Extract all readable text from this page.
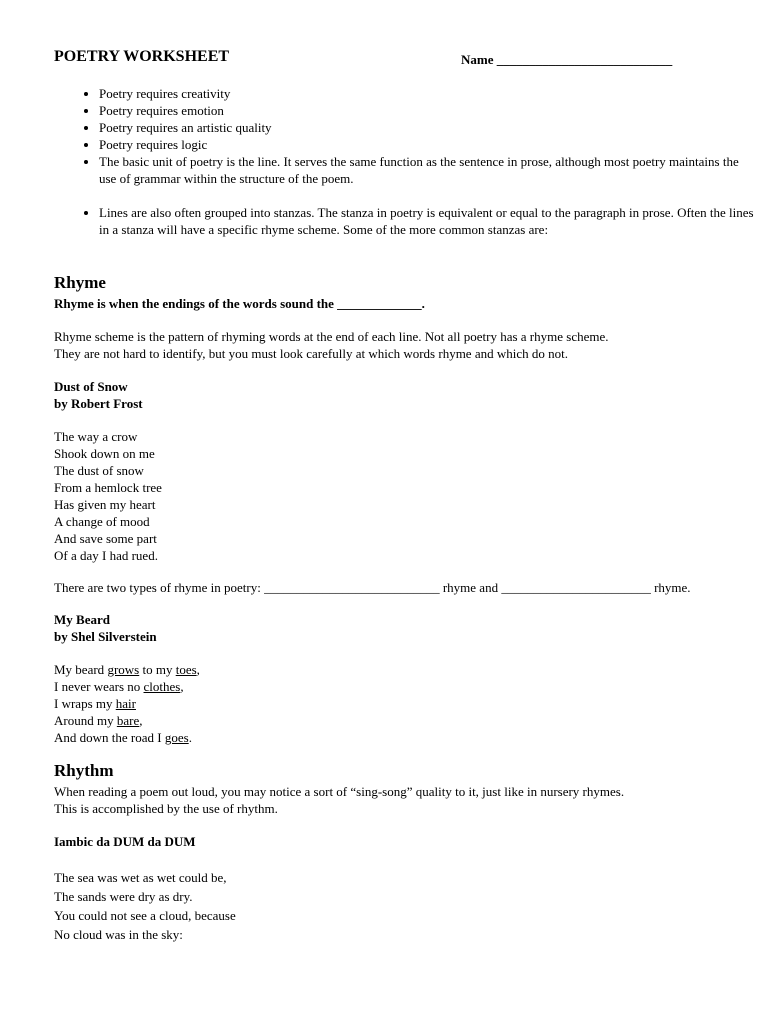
POETRY WORKSHEET	Name ___________________________
• Poetry requires creativity
• Poetry requires emotion
• Poetry requires an artistic quality
• Poetry requires logic
• The basic unit of poetry is the line. It serves the same function as the sentence in prose, although most poetry maintains the use of grammar within the structure of the poem.
• Lines are also often grouped into stanzas. The stanza in poetry is equivalent or equal to the paragraph in prose. Often the lines in a stanza will have a specific rhyme scheme. Some of the more common stanzas are:
Rhyme
Rhyme is when the endings of the words sound the _____________.
Rhyme scheme is the pattern of rhyming words at the end of each line. Not all poetry has a rhyme scheme.
They are not hard to identify, but you must look carefully at which words rhyme and which do not.
Dust of Snow
by Robert Frost
The way a crow
Shook down on me
The dust of snow
From a hemlock tree
Has given my heart
A change of mood
And save some part
Of a day I had rued.
There are two types of rhyme in poetry: ___________________________ rhyme and _______________________ rhyme.
My Beard
by Shel Silverstein
My beard grows to my toes,
I never wears no clothes,
I wraps my hair
Around my bare,
And down the road I goes.
Rhythm
When reading a poem out loud, you may notice a sort of “sing-song” quality to it, just like in nursery rhymes.
This is accomplished by the use of rhythm.
Iambic da DUM da DUM
The sea was wet as wet could be,
The sands were dry as dry.
You could not see a cloud, because
No cloud was in the sky:
